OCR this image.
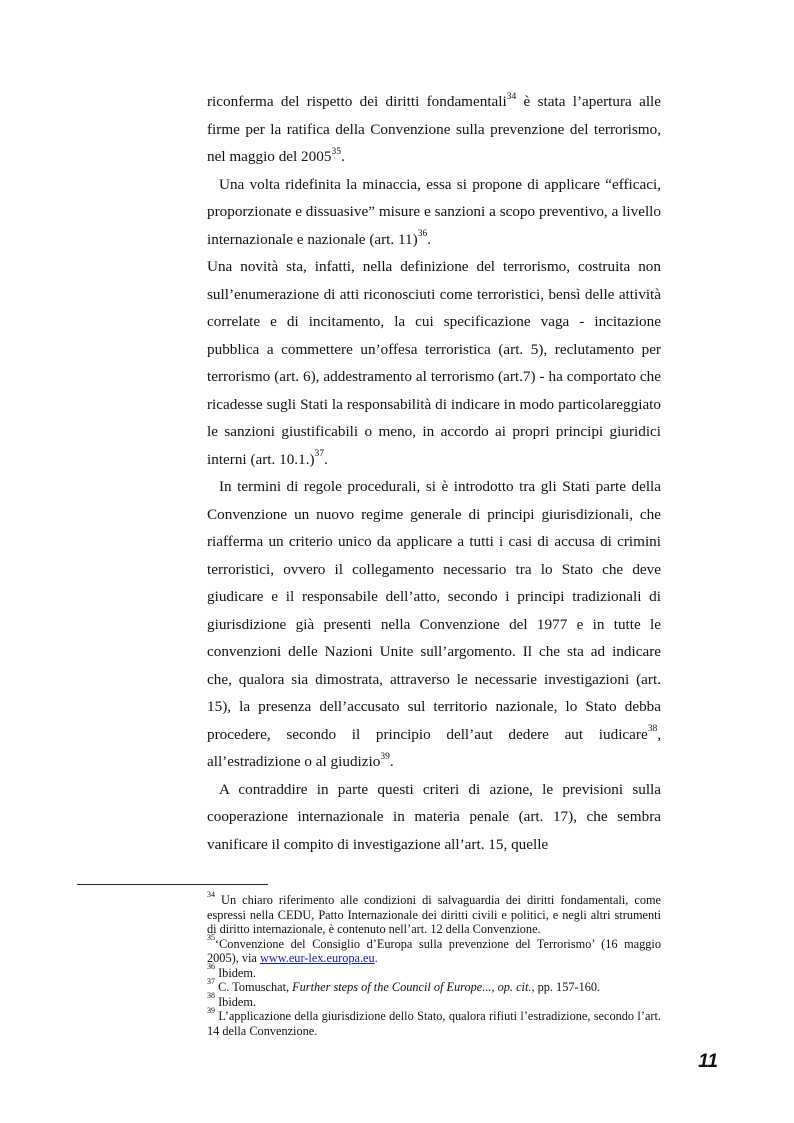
riconferma del rispetto dei diritti fondamentali$^{34}$ è stata l’apertura alle firme per la ratifica della Convenzione sulla prevenzione del terrorismo, nel maggio del 2005$^{35}$.

Una volta ridefinita la minaccia, essa si propone di applicare “efficaci, proporzionate e dissuasive” misure e sanzioni a scopo preventivo, a livello internazionale e nazionale (art. 11)$^{36}$.

Una novità sta, infatti, nella definizione del terrorismo, costruita non sull’enumerazione di atti riconosciuti come terroristici, bensì delle attività correlate e di incitamento, la cui specificazione vaga - incitazione pubblica a commettere un’offesa terroristica (art. 5), reclutamento per terrorismo (art. 6), addestramento al terrorismo (art.7) - ha comportato che ricadesse sugli Stati la responsabilità di indicare in modo particolareggiato le sanzioni giustificabili o meno, in accordo ai propri principi giuridici interni (art. 10.1.)$^{37}$.

In termini di regole procedurali, si è introdotto tra gli Stati parte della Convenzione un nuovo regime generale di principi giurisdizionali, che riafferma un criterio unico da applicare a tutti i casi di accusa di crimini terroristici, ovvero il collegamento necessario tra lo Stato che deve giudicare e il responsabile dell’atto, secondo i principi tradizionali di giurisdizione già presenti nella Convenzione del 1977 e in tutte le convenzioni delle Nazioni Unite sull’argomento. Il che sta ad indicare che, qualora sia dimostrata, attraverso le necessarie investigazioni (art. 15), la presenza dell’accusato sul territorio nazionale, lo Stato debba procedere, secondo il principio dell’aut dedere aut iudicare$^{38}$, all’estradizione o al giudizio$^{39}$.

A contraddire in parte questi criteri di azione, le previsioni sulla cooperazione internazionale in materia penale (art. 17), che sembra vanificare il compito di investigazione all’art. 15, quelle

$^{34}$ Un chiaro riferimento alle condizioni di salvaguardia dei diritti fondamentali, come espressi nella CEDU, Patto Internazionale dei diritti civili e politici, e negli altri strumenti di diritto internazionale, è contenuto nell’art. 12 della Convenzione.

$^{35}$‘Convenzione del Consiglio d’Europa sulla prevenzione del Terrorismo’ (16 maggio 2005), via www.eur-lex.europa.eu.

$^{36}$ Ibidem.

$^{37}$ C. Tomuschat, Further steps of the Council of Europe..., op. cit., pp. 157-160.

$^{38}$ Ibidem.

$^{39}$ L’applicazione della giurisdizione dello Stato, qualora rifiuti l’estradizione, secondo l’art. 14 della Convenzione.

11
